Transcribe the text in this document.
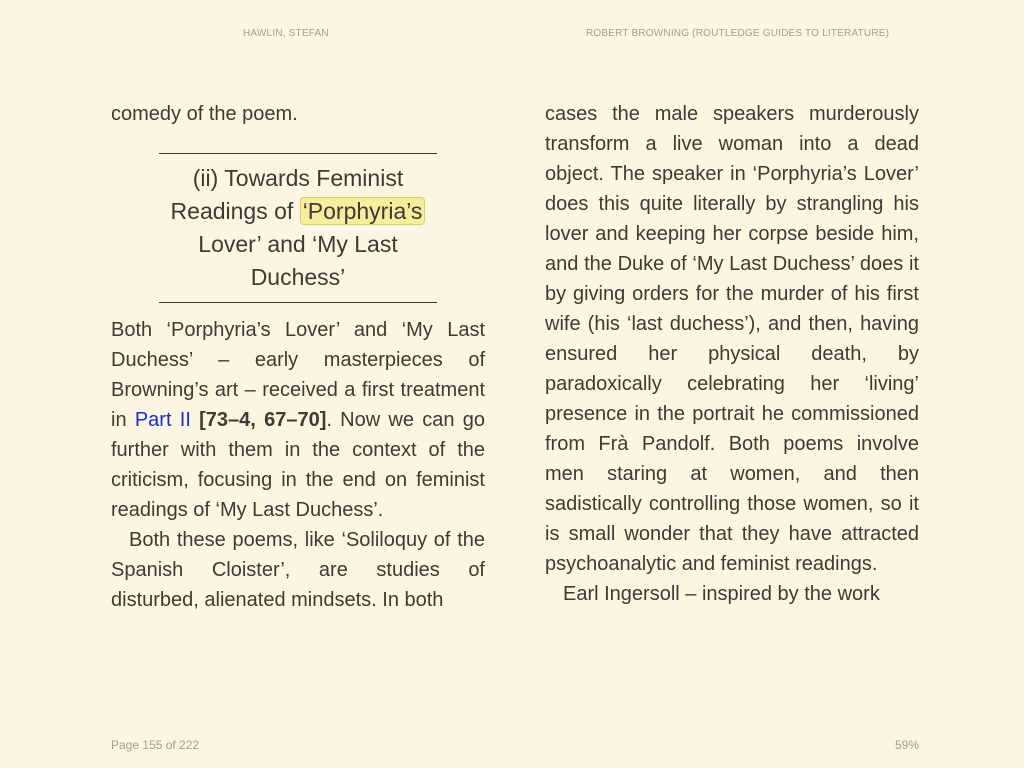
HAWLIN, STEFAN	ROBERT BROWNING (ROUTLEDGE GUIDES TO LITERATURE)

comedy of the poem.

(ii) Towards Feminist Readings of ‘Porphyria’s Lover’ and ‘My Last Duchess’

Both ‘Porphyria’s Lover’ and ‘My Last Duchess’ – early masterpieces of Browning’s art – received a first treatment in Part II [73–4, 67–70]. Now we can go further with them in the context of the criticism, focusing in the end on feminist readings of ‘My Last Duchess’.

Both these poems, like ‘Soliloquy of the Spanish Cloister’, are studies of disturbed, alienated mindsets. In both

cases the male speakers murderously transform a live woman into a dead object. The speaker in ‘Porphyria’s Lover’ does this quite literally by strangling his lover and keeping her corpse beside him, and the Duke of ‘My Last Duchess’ does it by giving orders for the murder of his first wife (his ‘last duchess’), and then, having ensured her physical death, by paradoxically celebrating her ‘living’ presence in the portrait he commissioned from Frà Pandolf. Both poems involve men staring at women, and then sadistically controlling those women, so it is small wonder that they have attracted psychoanalytic and feminist readings.

Earl Ingersoll – inspired by the work

Page 155 of 222	59%
